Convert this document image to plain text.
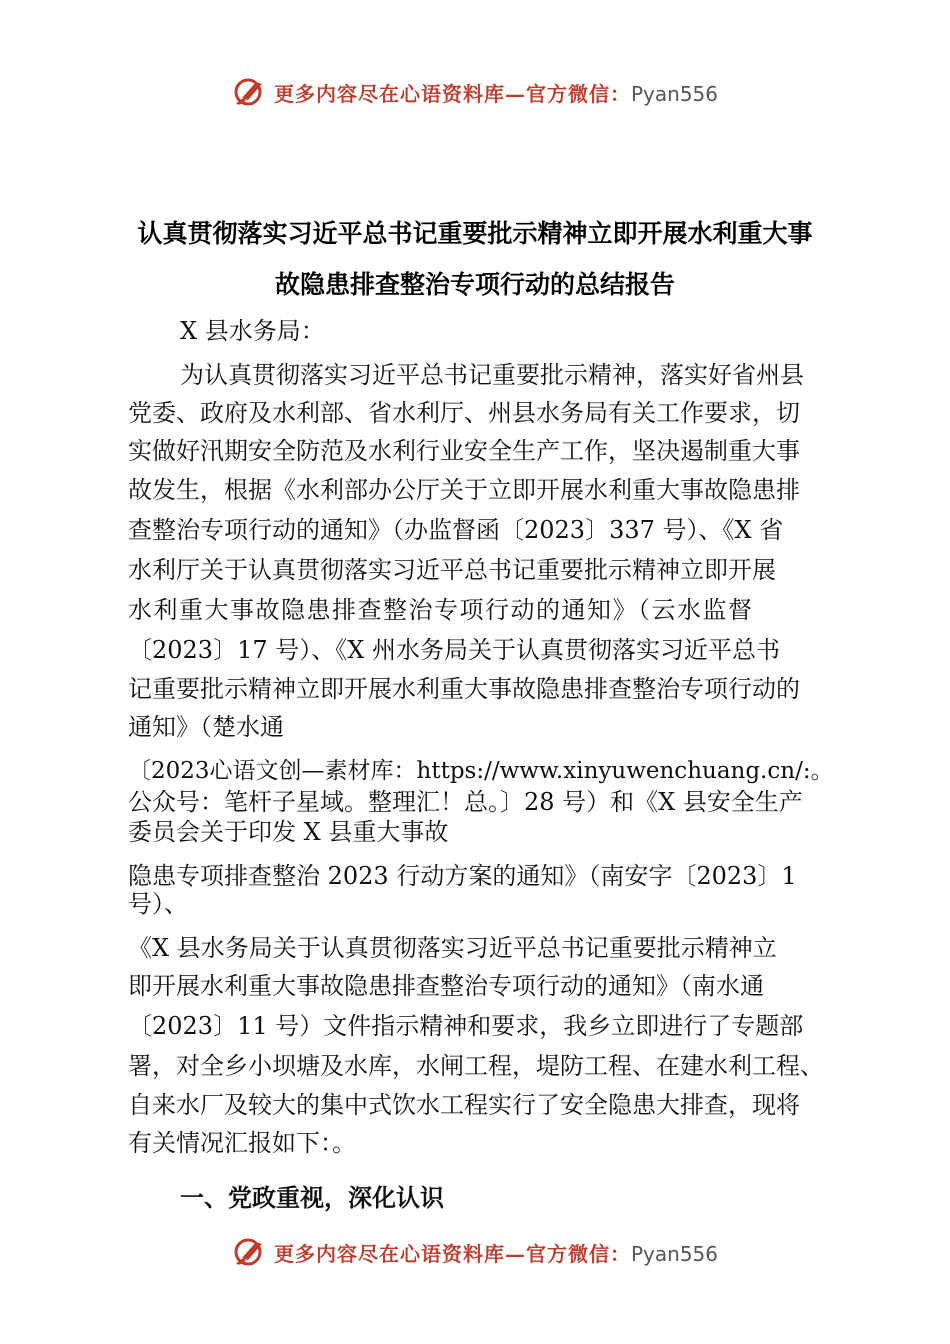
更多内容尽在心语资料库—官方微信：Pyan556
认真贯彻落实习近平总书记重要批示精神立即开展水利重大事
故隐患排查整治专项行动的总结报告
X 县水务局：
为认真贯彻落实习近平总书记重要批示精神，落实好省州县
党委、政府及水利部、省水利厅、州县水务局有关工作要求，切
实做好汛期安全防范及水利行业安全生产工作，坚决遏制重大事
故发生，根据《水利部办公厅关于立即开展水利重大事故隐患排
查整治专项行动的通知》（办监督函〔2023〕337 号）、《X 省
水利厅关于认真贯彻落实习近平总书记重要批示精神立即开展
水利重大事故隐患排查整治专项行动的通知》（云水监督
〔2023〕17 号）、《X 州水务局关于认真贯彻落实习近平总书
记重要批示精神立即开展水利重大事故隐患排查整治专项行动的
通知》（楚水通
〔2023心语文创—素材库：https://www.xinyuwenchuang.cn/:。
公众号：笔杆子星域。整理汇！总。〕28 号）和《X 县安全生产
委员会关于印发 X 县重大事故
隐患专项排查整治 2023 行动方案的通知》（南安字〔2023〕1
号）、
《X 县水务局关于认真贯彻落实习近平总书记重要批示精神立
即开展水利重大事故隐患排查整治专项行动的通知》（南水通
〔2023〕11 号）文件指示精神和要求，我乡立即进行了专题部
署，对全乡小坝塘及水库，水闸工程，堤防工程、在建水利工程、
自来水厂及较大的集中式饮水工程实行了安全隐患大排查，现将
有关情况汇报如下：。
一、党政重视，深化认识
更多内容尽在心语资料库—官方微信：Pyan556
